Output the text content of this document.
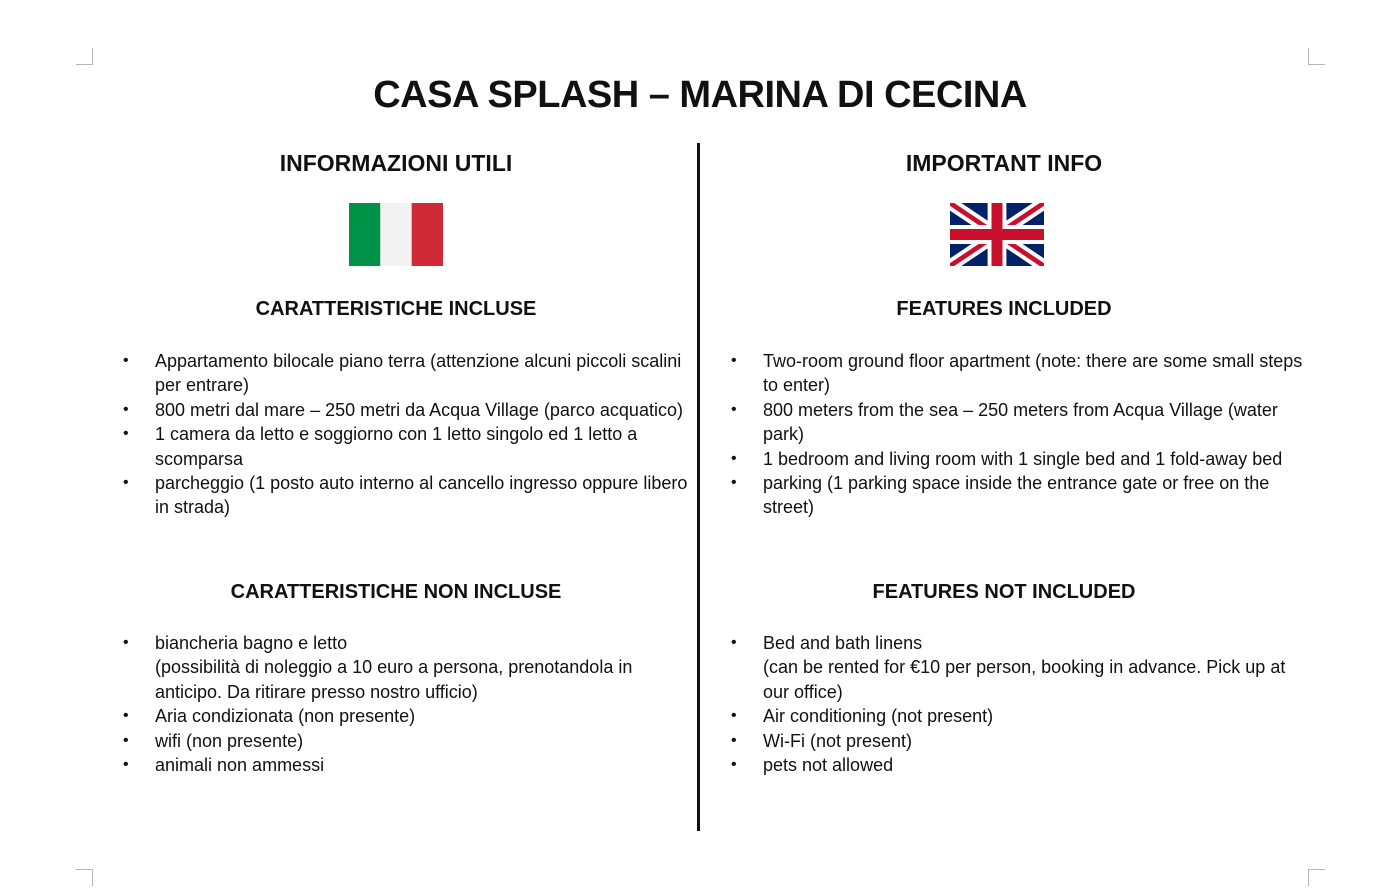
CASA SPLASH – MARINA DI CECINA
INFORMAZIONI UTILI
CARATTERISTICHE INCLUSE
• Appartamento bilocale piano terra (attenzione alcuni piccoli scalini per entrare)
• 800 metri dal mare – 250 metri da Acqua Village (parco acquatico)
• 1 camera da letto e soggiorno con 1 letto singolo ed 1 letto a scomparsa
• parcheggio (1 posto auto interno al cancello ingresso oppure libero in strada)
CARATTERISTICHE NON INCLUSE
• biancheria bagno e letto
(possibilità di noleggio a 10 euro a persona, prenotandola in anticipo. Da ritirare presso nostro ufficio)
• Aria condizionata (non presente)
• wifi (non presente)
• animali non ammessi
IMPORTANT INFO
FEATURES INCLUDED
• Two-room ground floor apartment (note: there are some small steps to enter)
• 800 meters from the sea – 250 meters from Acqua Village (water park)
• 1 bedroom and living room with 1 single bed and 1 fold-away bed
• parking (1 parking space inside the entrance gate or free on the street)
FEATURES NOT INCLUDED
• Bed and bath linens
(can be rented for €10 per person, booking in advance. Pick up at our office)
• Air conditioning (not present)
• Wi-Fi (not present)
• pets not allowed
